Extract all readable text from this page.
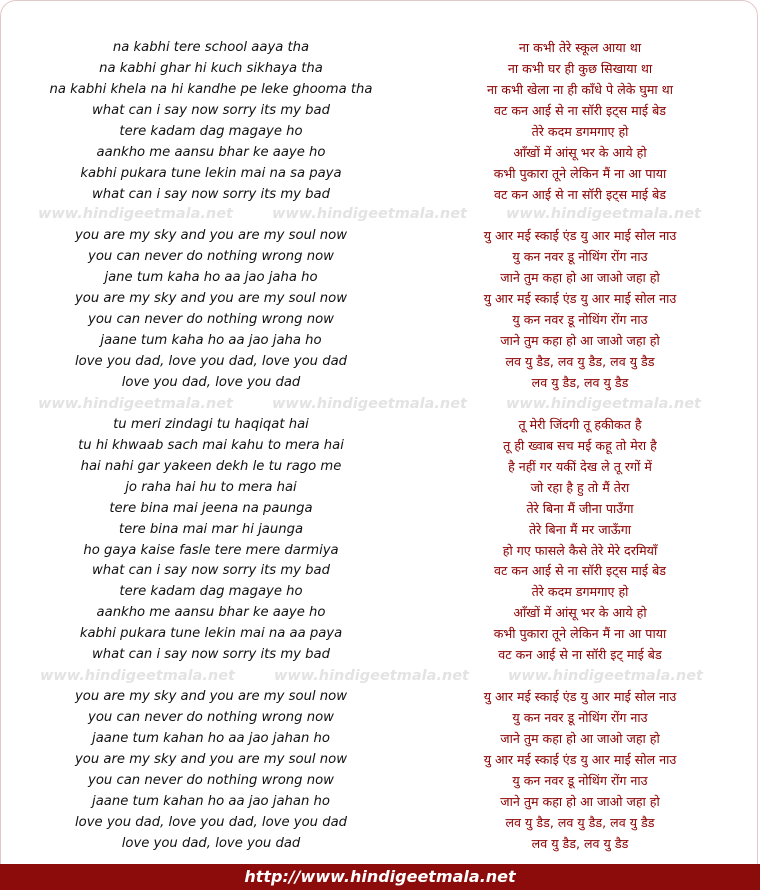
www.hindigeetmala.net	www.hindigeetmala.net	www.hindigeetmala.net
www.hindigeetmala.net	www.hindigeetmala.net	www.hindigeetmala.net
www.hindigeetmala.net	www.hindigeetmala.net	www.hindigeetmala.net
na kabhi tere school aaya tha
na kabhi ghar hi kuch sikhaya tha
na kabhi khela na hi kandhe pe leke ghooma tha
what can i say now sorry its my bad
tere kadam dag magaye ho
aankho me aansu bhar ke aaye ho
kabhi pukara tune lekin mai na sa paya
what can i say now sorry its my bad
you are my sky and you are my soul now
you can never do nothing wrong now
jane tum kaha ho aa jao jaha ho
you are my sky and you are my soul now
you can never do nothing wrong now
jaane tum kaha ho aa jao jaha ho
love you dad, love you dad, love you dad
love you dad, love you dad
tu meri zindagi tu haqiqat hai
tu hi khwaab sach mai kahu to mera hai
hai nahi gar yakeen dekh le tu rago me
jo raha hai hu to mera hai
tere bina mai jeena na paunga
tere bina mai mar hi jaunga
ho gaya kaise fasle tere mere darmiya
what can i say now sorry its my bad
tere kadam dag magaye ho
aankho me aansu bhar ke aaye ho
kabhi pukara tune lekin mai na aa paya
what can i say now sorry its my bad
you are my sky and you are my soul now
you can never do nothing wrong now
jaane tum kahan ho aa jao jahan ho
you are my sky and you are my soul now
you can never do nothing wrong now
jaane tum kahan ho aa jao jahan ho
love you dad, love you dad, love you dad
love you dad, love you dad
ना कभी तेरे स्कूल आया था
ना कभी घर ही कुछ सिखाया था
ना कभी खेला ना ही काँधे पे लेके घुमा था
वट कन आई से ना सॉरी इट्स माई बेड
तेरे कदम डगमगाए हो
आँखों में आंसू भर के आये हो
कभी पुकारा तूने लेकिन मैं ना आ पाया
वट कन आई से ना सॉरी इट्स माई बेड
यु आर मई स्काई एंड यु आर माई सोल नाउ
यु कन नवर डू नोथिंग रोंग नाउ
जाने तुम कहा हो आ जाओ जहा हो
यु आर मई स्काई एंड यु आर माई सोल नाउ
यु कन नवर डू नोथिंग रोंग नाउ
जाने तुम कहा हो आ जाओ जहा हो
लव यु डैड, लव यु डैड, लव यु डैड
लव यु डैड, लव यु डैड
तू मेरी जिंदगी तू हकीकत है
तू ही ख्वाब सच मई कहू तो मेरा है
है नहीं गर यकीं देख ले तू रगों में
जो रहा है हु तो मैं तेरा
तेरे बिना मैं जीना पाउँगा
तेरे बिना मैं मर जाऊँगा
हो गए फासले कैसे तेरे मेरे दरमियाँ
वट कन आई से ना सॉरी इट्स माई बेड
तेरे कदम डगमगाए हो
आँखों में आंसू भर के आये हो
कभी पुकारा तूने लेकिन मैं ना आ पाया
वट कन आई से ना सॉरी इट् माई बेड
यु आर मई स्काई एंड यु आर माई सोल नाउ
यु कन नवर डू नोथिंग रोंग नाउ
जाने तुम कहा हो आ जाओ जहा हो
यु आर मई स्काई एंड यु आर माई सोल नाउ
यु कन नवर डू नोथिंग रोंग नाउ
जाने तुम कहा हो आ जाओ जहा हो
लव यु डैड, लव यु डैड, लव यु डैड
लव यु डैड, लव यु डैड
http://www.hindigeetmala.net
